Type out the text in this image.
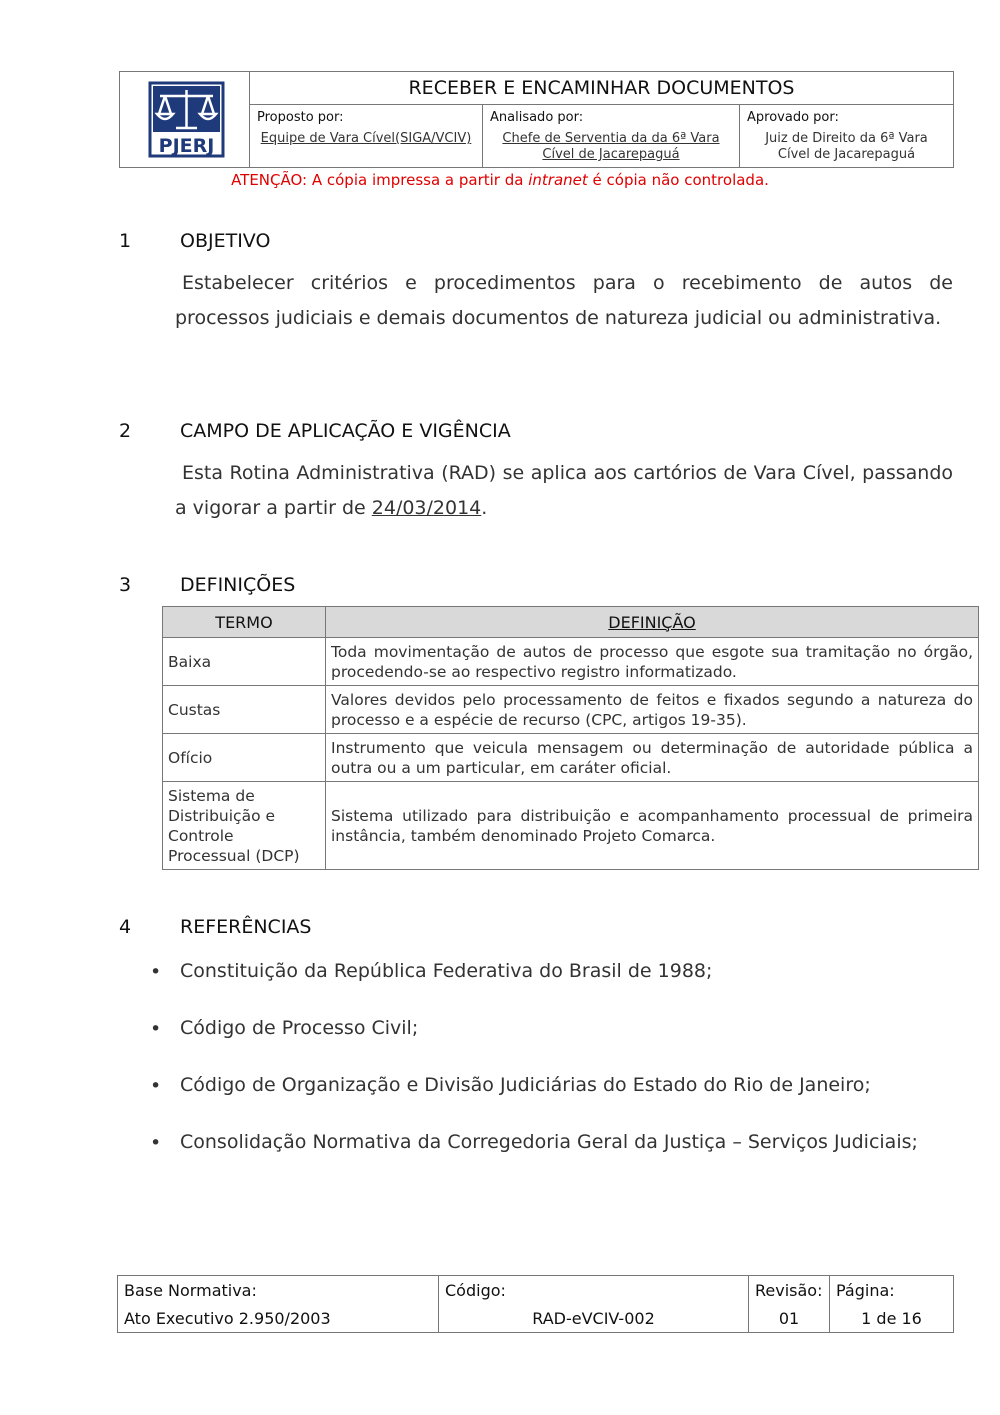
PJERJ
RECEBER E ENCAMINHAR DOCUMENTOS
Proposto por:
Equipe de Vara Cível(SIGA/VCIV)
Analisado por:
Chefe de Serventia da da 6ª Vara
Cível de Jacarepaguá
Aprovado por:
Juiz de Direito da 6ª Vara
Cível de Jacarepaguá
ATENÇÃO: A cópia impressa a partir da intranet é cópia não controlada.
1	OBJETIVO
Estabelecer critérios e procedimentos para o recebimento de autos de processos judiciais e demais documentos de natureza judicial ou administrativa.
2	CAMPO DE APLICAÇÃO E VIGÊNCIA
Esta Rotina Administrativa (RAD) se aplica aos cartórios de Vara Cível, passando a vigorar a partir de 24/03/2014.
3	DEFINIÇÕES
TERMO	DEFINIÇÃO
Baixa	Toda movimentação de autos de processo que esgote sua tramitação no órgão, procedendo-se ao respectivo registro informatizado.
Custas	Valores devidos pelo processamento de feitos e fixados segundo a natureza do processo e a espécie de recurso (CPC, artigos 19-35).
Ofício	Instrumento que veicula mensagem ou determinação de autoridade pública a outra ou a um particular, em caráter oficial.
Sistema de Distribuição e Controle Processual (DCP)	Sistema utilizado para distribuição e acompanhamento processual de primeira instância, também denominado Projeto Comarca.
4	REFERÊNCIAS
• Constituição da República Federativa do Brasil de 1988;
• Código de Processo Civil;
• Código de Organização e Divisão Judiciárias do Estado do Rio de Janeiro;
• Consolidação Normativa da Corregedoria Geral da Justiça – Serviços Judiciais;
Base Normativa:	Código:	Revisão:	Página:
Ato Executivo 2.950/2003	RAD-eVCIV-002	01	1 de 16
